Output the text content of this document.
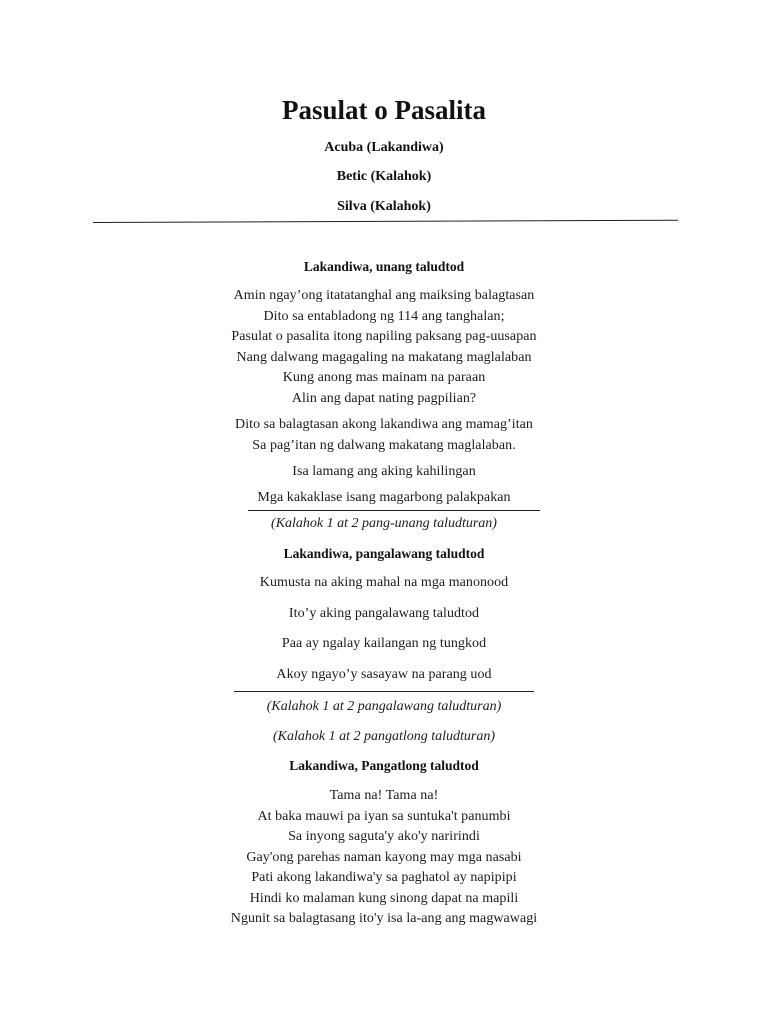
Pasulat o Pasalita
Acuba (Lakandiwa)
Betic (Kalahok)
Silva (Kalahok)
Lakandiwa, unang taludtod
Amin ngay’ong itatatanghal ang maiksing balagtasan
Dito sa entabladong ng 114 ang tanghalan;
Pasulat o pasalita itong napiling paksang pag-uusapan
Nang dalwang magagaling na makatang maglalaban
Kung anong mas mainam na paraan
Alin ang dapat nating pagpilian?
Dito sa balagtasan akong lakandiwa ang mamag’itan
Sa pag’itan ng dalwang makatang maglalaban.
Isa lamang ang aking kahilingan
Mga kakaklase isang magarbong palakpakan
(Kalahok 1 at 2 pang-unang taludturan)
Lakandiwa, pangalawang taludtod
Kumusta na aking mahal na mga manonood
Ito’y aking pangalawang taludtod
Paa ay ngalay kailangan ng tungkod
Akoy ngayo’y sasayaw na parang uod
(Kalahok 1 at 2 pangalawang taludturan)
(Kalahok 1 at 2 pangatlong taludturan)
Lakandiwa, Pangatlong taludtod
Tama na! Tama na!
At baka mauwi pa iyan sa suntuka't panumbi
Sa inyong saguta'y ako'y naririndi
Gay'ong parehas naman kayong may mga nasabi
Pati akong lakandiwa'y sa paghatol ay napipipi
Hindi ko malaman kung sinong dapat na mapili
Ngunit sa balagtasang ito'y isa la-ang ang magwawagi
